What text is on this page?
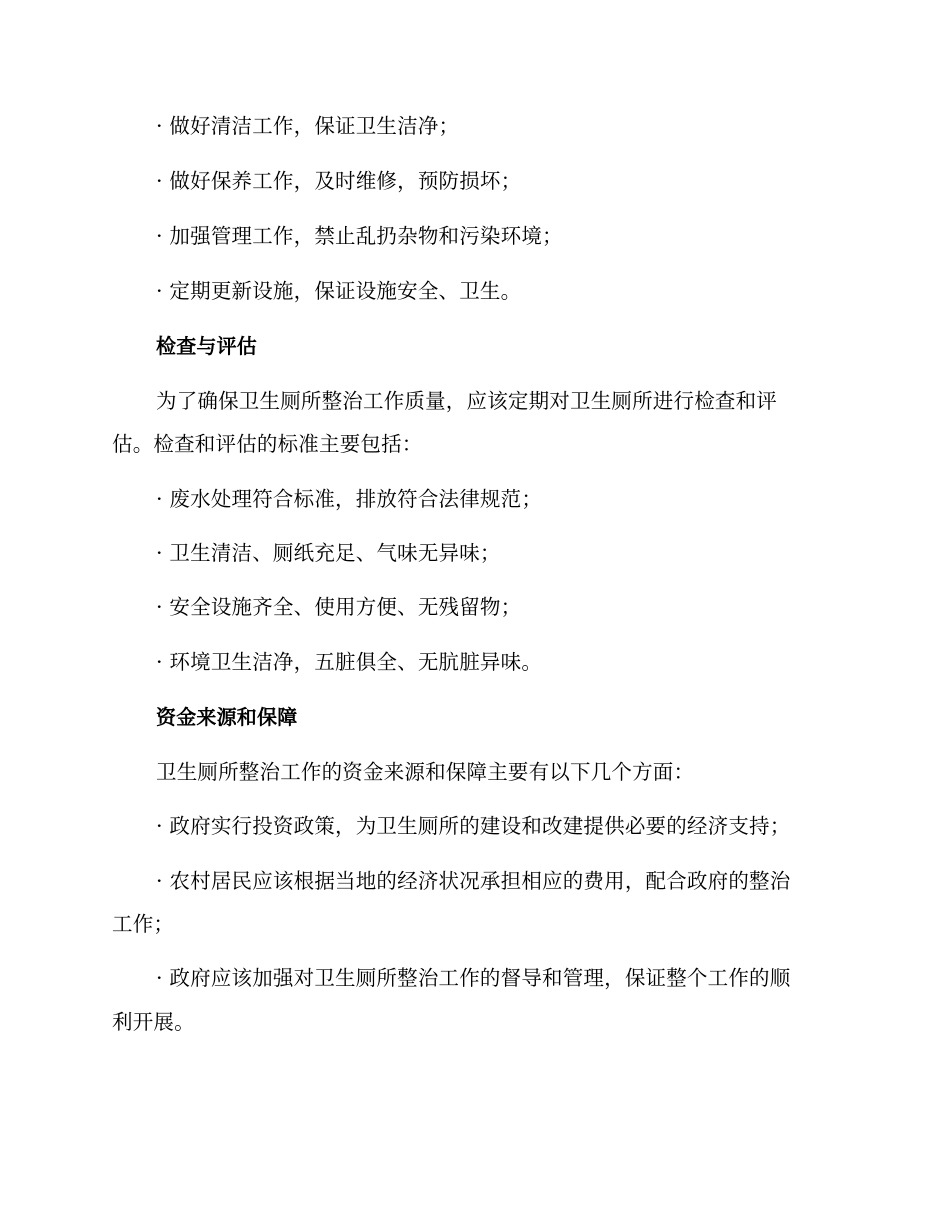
· 做好清洁工作，保证卫生洁净；
· 做好保养工作，及时维修，预防损坏；
· 加强管理工作，禁止乱扔杂物和污染环境；
· 定期更新设施，保证设施安全、卫生。
检查与评估
为了确保卫生厕所整治工作质量，应该定期对卫生厕所进行检查和评
估。检查和评估的标准主要包括：
· 废水处理符合标准，排放符合法律规范；
· 卫生清洁、厕纸充足、气味无异味；
· 安全设施齐全、使用方便、无残留物；
· 环境卫生洁净，五脏俱全、无肮脏异味。
资金来源和保障
卫生厕所整治工作的资金来源和保障主要有以下几个方面：
· 政府实行投资政策，为卫生厕所的建设和改建提供必要的经济支持；
· 农村居民应该根据当地的经济状况承担相应的费用，配合政府的整治
工作；
· 政府应该加强对卫生厕所整治工作的督导和管理，保证整个工作的顺
利开展。
